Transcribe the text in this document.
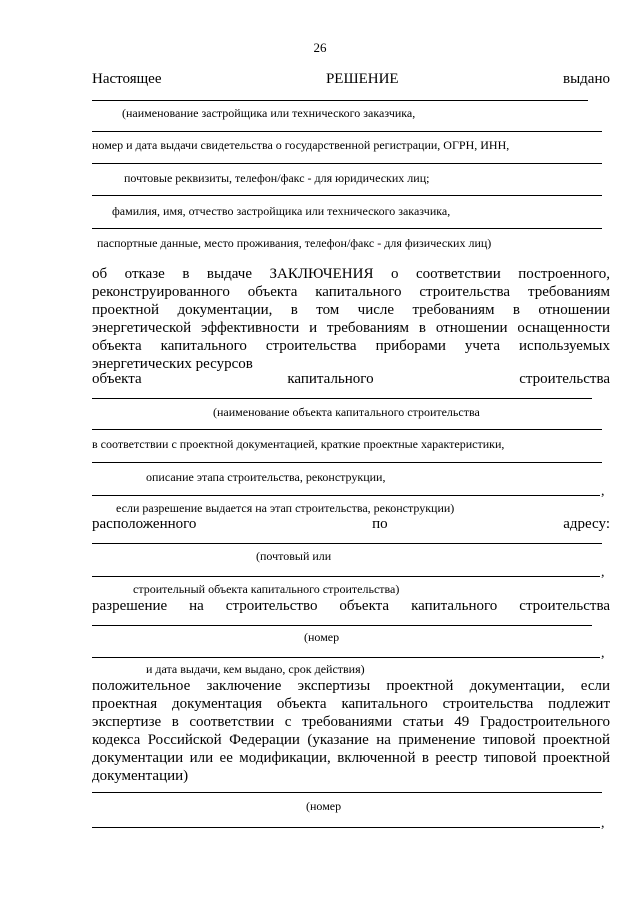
26
Настоящее	РЕШЕНИЕ	выдано
(наименование застройщика или технического заказчика,
номер и дата выдачи свидетельства о государственной регистрации, ОГРН, ИНН,
почтовые реквизиты, телефон/факс - для юридических лиц;
фамилия, имя, отчество застройщика или технического заказчика,
паспортные данные, место проживания, телефон/факс - для физических лиц)
об отказе в выдаче ЗАКЛЮЧЕНИЯ о соответствии построенного, реконструированного объекта капитального строительства требованиям проектной документации, в том числе требованиям в отношении энергетической эффективности и требованиям в отношении оснащенности объекта капитального строительства приборами учета используемых энергетических ресурсов
объекта	капитального	строительства
(наименование объекта капитального строительства
в соответствии с проектной документацией, краткие проектные характеристики,
описание этапа строительства, реконструкции,
,
если разрешение выдается на этап строительства, реконструкции)
расположенного	по	адресу:
(почтовый или
,
строительный объекта капитального строительства)
разрешение на строительство объекта капитального строительства
(номер
,
и дата выдачи, кем выдано, срок действия)
положительное заключение экспертизы проектной документации, если проектная документация объекта капитального строительства подлежит экспертизе в соответствии с требованиями статьи 49 Градостроительного кодекса Российской Федерации (указание на применение типовой проектной документации или ее модификации, включенной в реестр типовой проектной документации)
(номер
,
